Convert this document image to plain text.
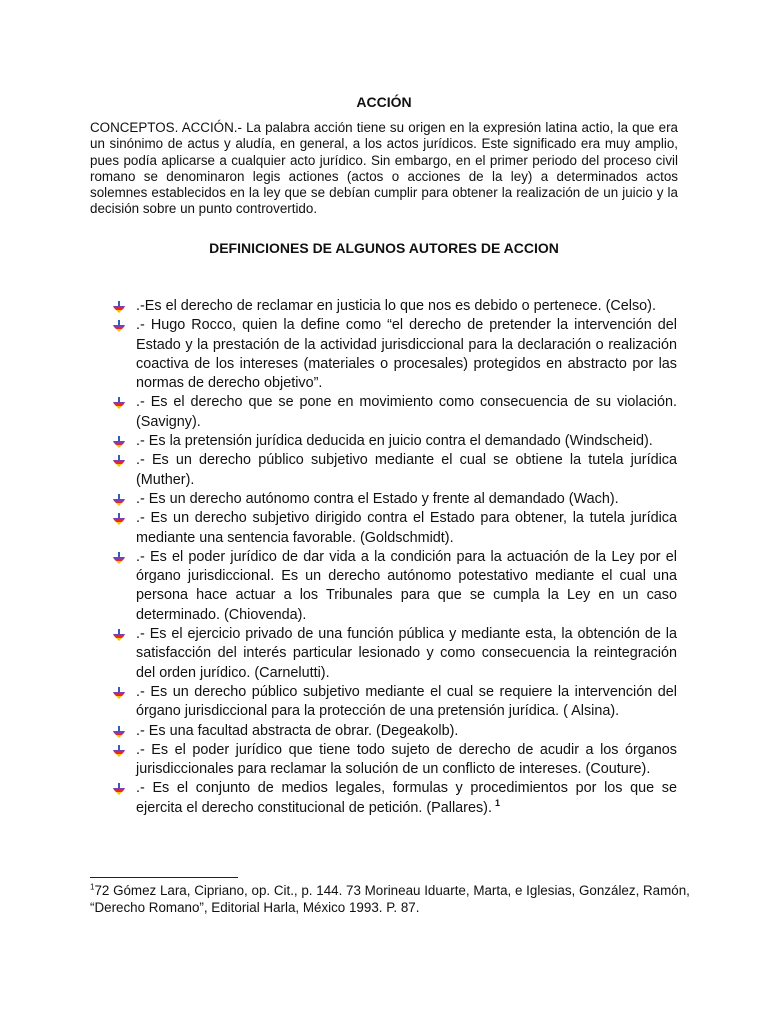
ACCIÓN

CONCEPTOS. ACCIÓN.- La palabra acción tiene su origen en la expresión latina actio, la que era un sinónimo de actus y aludía, en general, a los actos jurídicos. Este significado era muy amplio, pues podía aplicarse a cualquier acto jurídico. Sin embargo, en el primer periodo del proceso civil romano se denominaron legis actiones (actos o acciones de la ley) a determinados actos solemnes establecidos en la ley que se debían cumplir para obtener la realización de un juicio y la decisión sobre un punto controvertido.

DEFINICIONES DE ALGUNOS AUTORES DE ACCION
.-Es el derecho de reclamar en justicia lo que nos es debido o pertenece. (Celso).
.- Hugo Rocco, quien la define como “el derecho de pretender la intervención del Estado y la prestación de la actividad jurisdiccional para la declaración o realización coactiva de los intereses (materiales o procesales) protegidos en abstracto por las normas de derecho objetivo”.
.- Es el derecho que se pone en movimiento como consecuencia de su violación. (Savigny).
.- Es la pretensión jurídica deducida en juicio contra el demandado (Windscheid).
.- Es un derecho público subjetivo mediante el cual se obtiene la tutela jurídica (Muther).
.- Es un derecho autónomo contra el Estado y frente al demandado (Wach).
.- Es un derecho subjetivo dirigido contra el Estado para obtener, la tutela jurídica mediante una sentencia favorable. (Goldschmidt).
.- Es el poder jurídico de dar vida a la condición para la actuación de la Ley por el órgano jurisdiccional. Es un derecho autónomo potestativo mediante el cual una persona hace actuar a los Tribunales para que se cumpla la Ley en un caso determinado. (Chiovenda).
.- Es el ejercicio privado de una función pública y mediante esta, la obtención de la satisfacción del interés particular lesionado y como consecuencia la reintegración del orden jurídico. (Carnelutti).
.- Es un derecho público subjetivo mediante el cual se requiere la intervención del órgano jurisdiccional para la protección de una pretensión jurídica. ( Alsina).
.- Es una facultad abstracta de obrar. (Degeakolb).
.- Es el poder jurídico que tiene todo sujeto de derecho de acudir a los órganos jurisdiccionales para reclamar la solución de un conflicto de intereses. (Couture).
.- Es el conjunto de medios legales, formulas y procedimientos por los que se ejercita el derecho constitucional de petición. (Pallares). $^1$

$^1$72 Gómez Lara, Cipriano, op. Cit., p. 144. 73 Morineau Iduarte, Marta, e Iglesias, González, Ramón, “Derecho Romano”, Editorial Harla, México 1993. P. 87.
